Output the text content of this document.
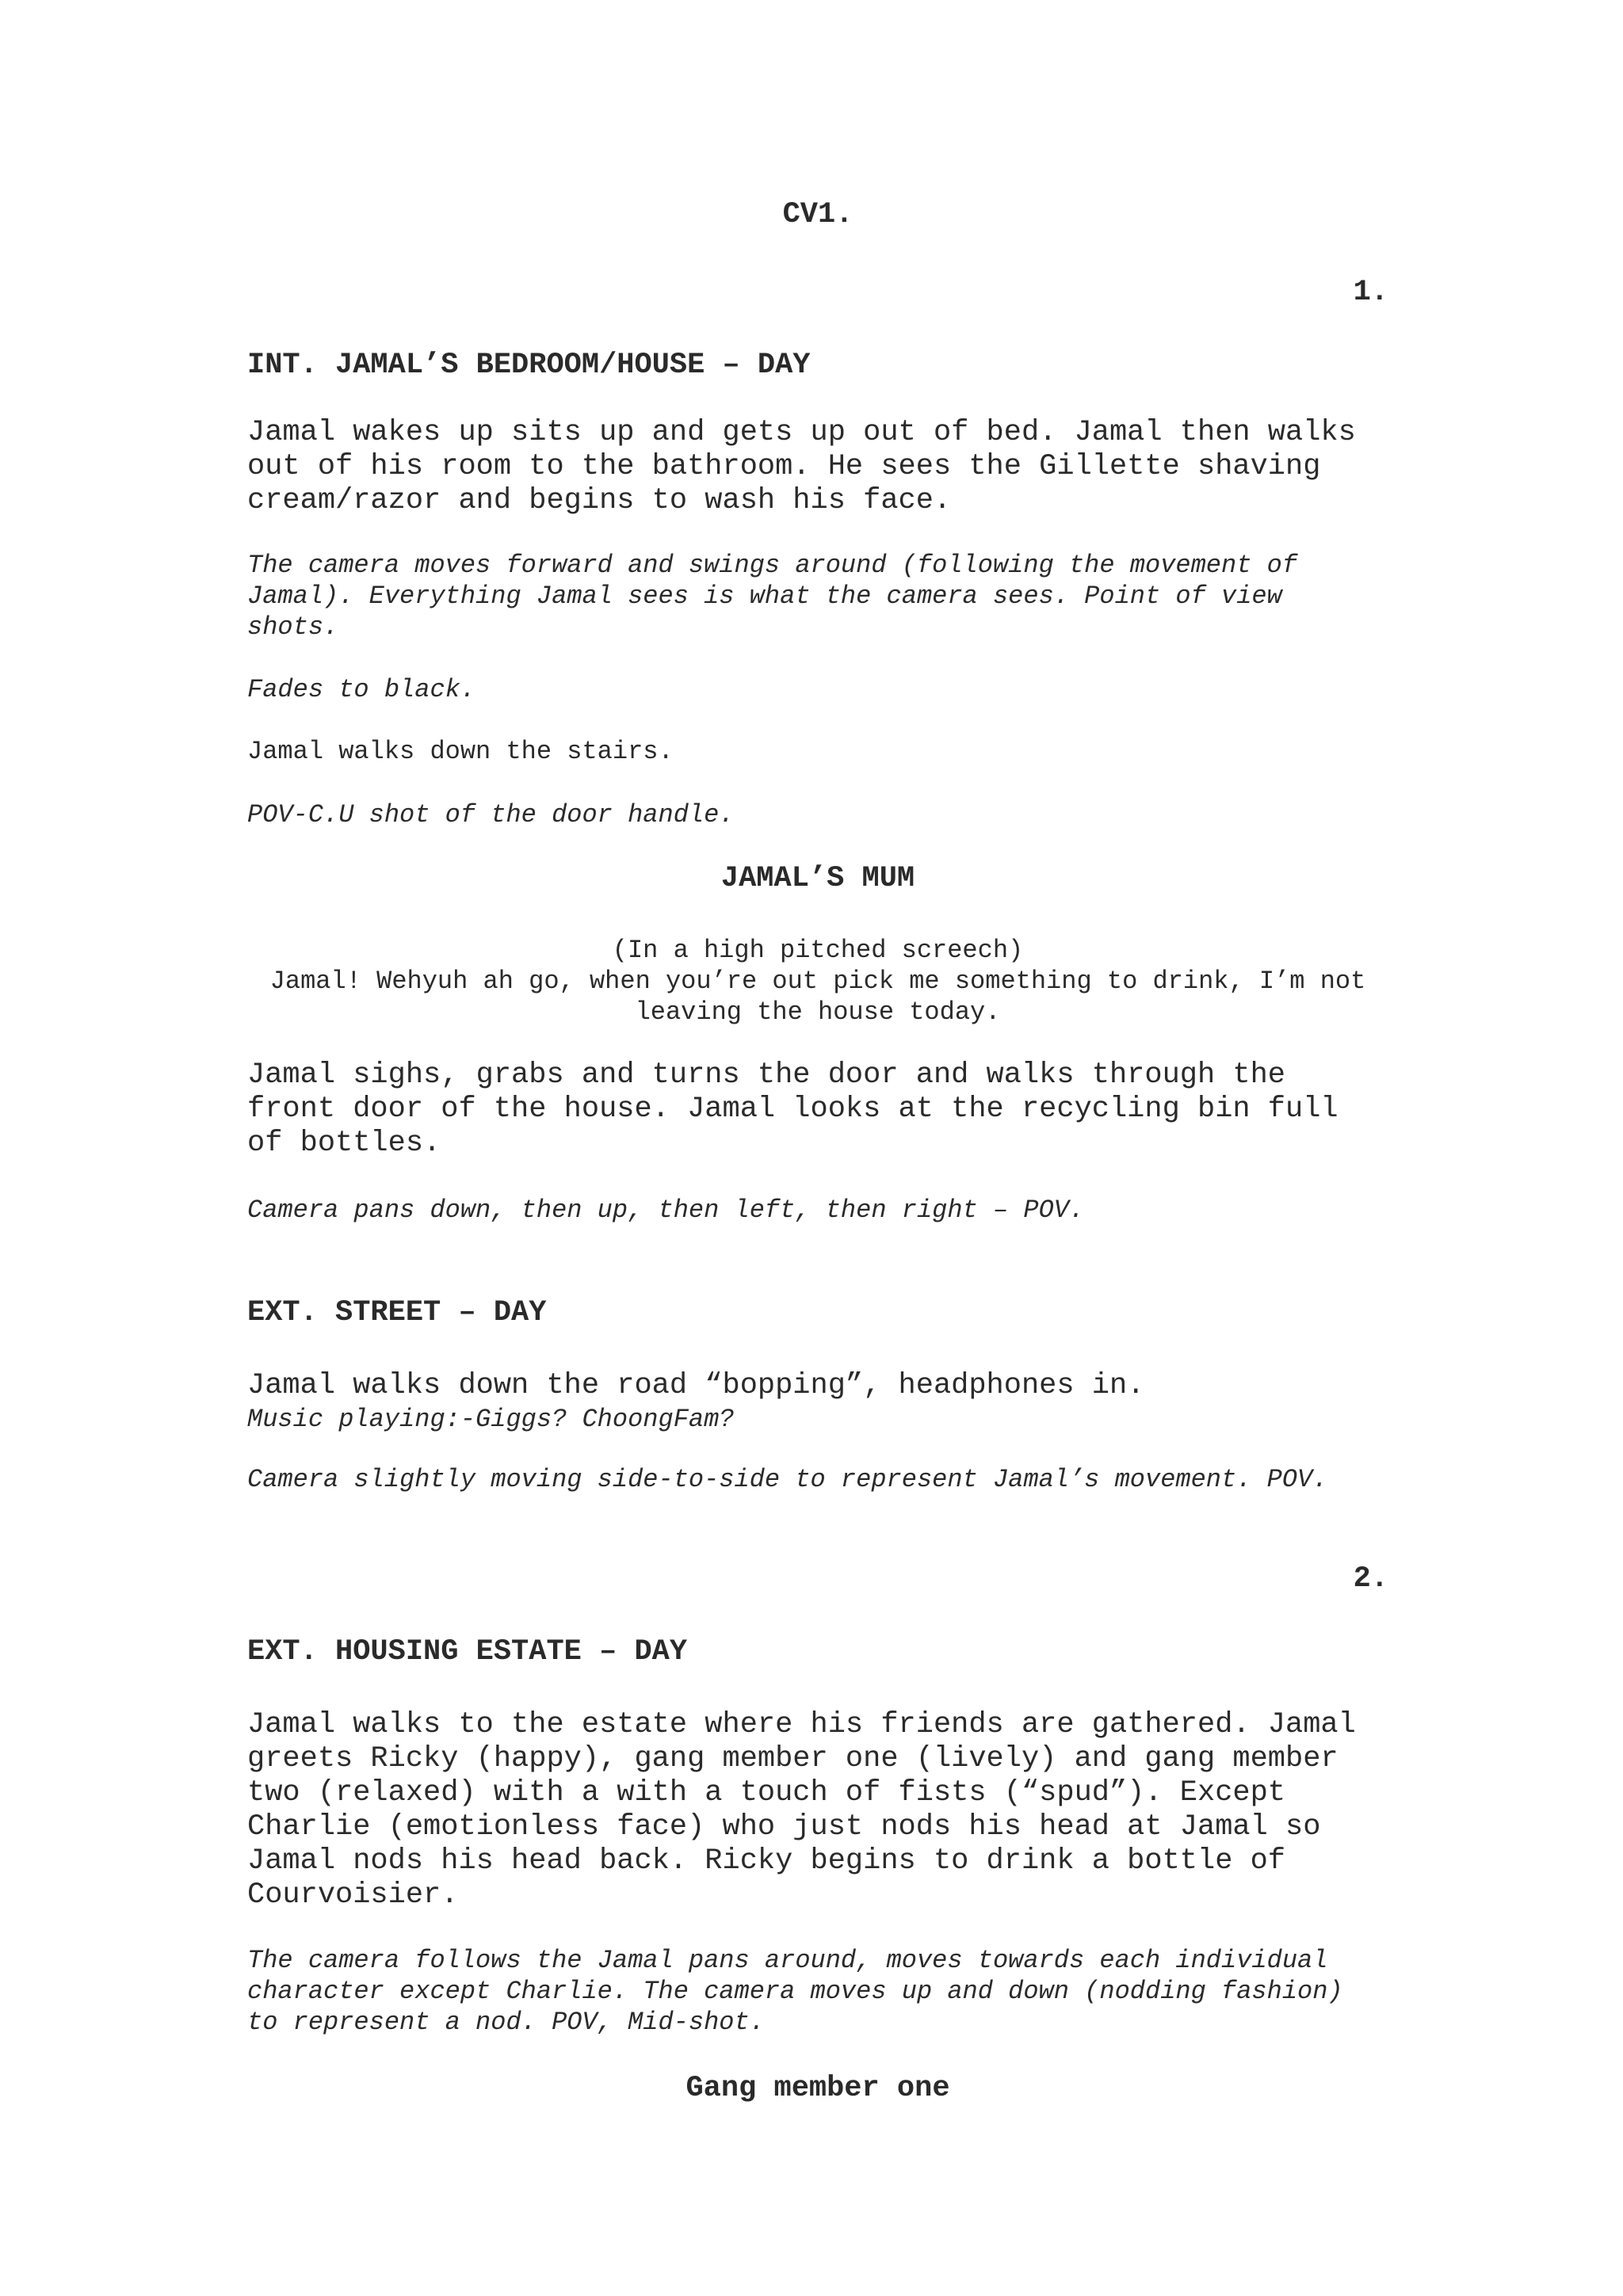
CV1.
1.
INT. JAMAL’S BEDROOM/HOUSE – DAY
Jamal wakes up sits up and gets up out of bed. Jamal then walks out of his room to the bathroom. He sees the Gillette shaving cream/razor and begins to wash his face.
The camera moves forward and swings around (following the movement of Jamal). Everything Jamal sees is what the camera sees. Point of view shots.
Fades to black.
Jamal walks down the stairs.
POV-C.U shot of the door handle.
JAMAL’S MUM
(In a high pitched screech)
Jamal! Wehyuh ah go, when you’re out pick me something to drink, I’m not leaving the house today.
Jamal sighs, grabs and turns the door and walks through the front door of the house. Jamal looks at the recycling bin full of bottles.
Camera pans down, then up, then left, then right – POV.
EXT. STREET – DAY
Jamal walks down the road “bopping”, headphones in.
Music playing:-Giggs? ChoongFam?
Camera slightly moving side-to-side to represent Jamal’s movement. POV.
2.
EXT. HOUSING ESTATE – DAY
Jamal walks to the estate where his friends are gathered. Jamal greets Ricky (happy), gang member one (lively) and gang member two (relaxed) with a with a touch of fists (“spud”). Except Charlie (emotionless face) who just nods his head at Jamal so Jamal nods his head back. Ricky begins to drink a bottle of Courvoisier.
The camera follows the Jamal pans around, moves towards each individual character except Charlie. The camera moves up and down (nodding fashion) to represent a nod. POV, Mid-shot.
Gang member one
